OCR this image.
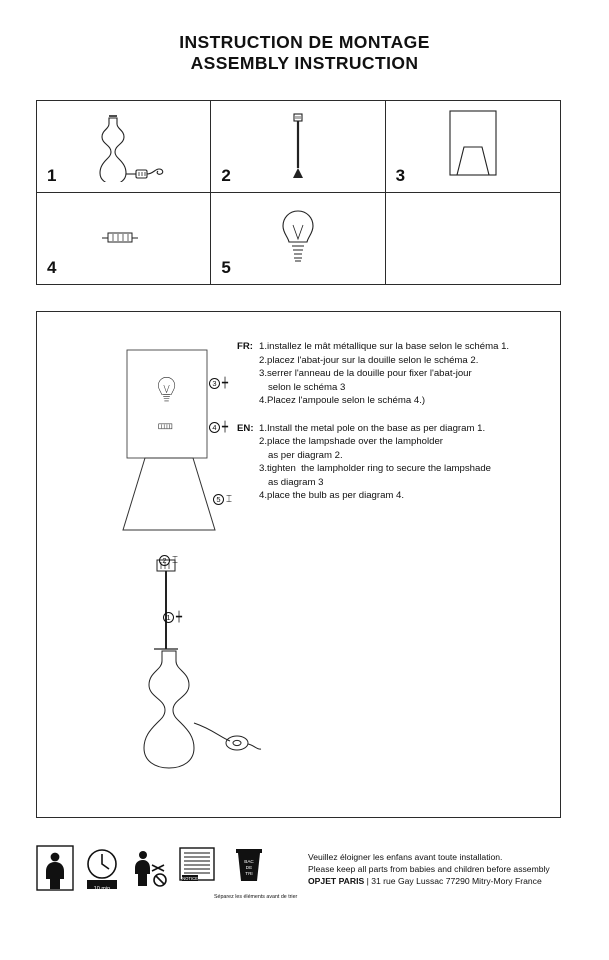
INSTRUCTION DE MONTAGE
ASSEMBLY INSTRUCTION
1	2	3
4	5
3 ┿
4 ┿
5 ⌶
2 ⌶
1 ┿
FR: 1.installez le mât métallique sur la base selon le schéma 1.
2.placez l'abat-jour sur la douille selon le schéma 2.
3.serrer l'anneau de la douille pour fixer l'abat-jour
selon le schéma 3
4.Placez l'ampoule selon le schéma 4.)
EN: 1.Install the metal pole on the base as per diagram 1.
2.place the lampshade over the lampholder
as per diagram 2.
3.tighten  the lampholder ring to secure the lampshade
as diagram 3
4.place the bulb as per diagram 4.
10 min
NOTICE
BAC
DE
TRI
Séparez les éléments avant de trier
Veuillez éloigner les enfans avant toute installation.
Please keep all parts from babies and children before assembly
OPJET PARIS | 31 rue Gay Lussac 77290 Mitry-Mory France
